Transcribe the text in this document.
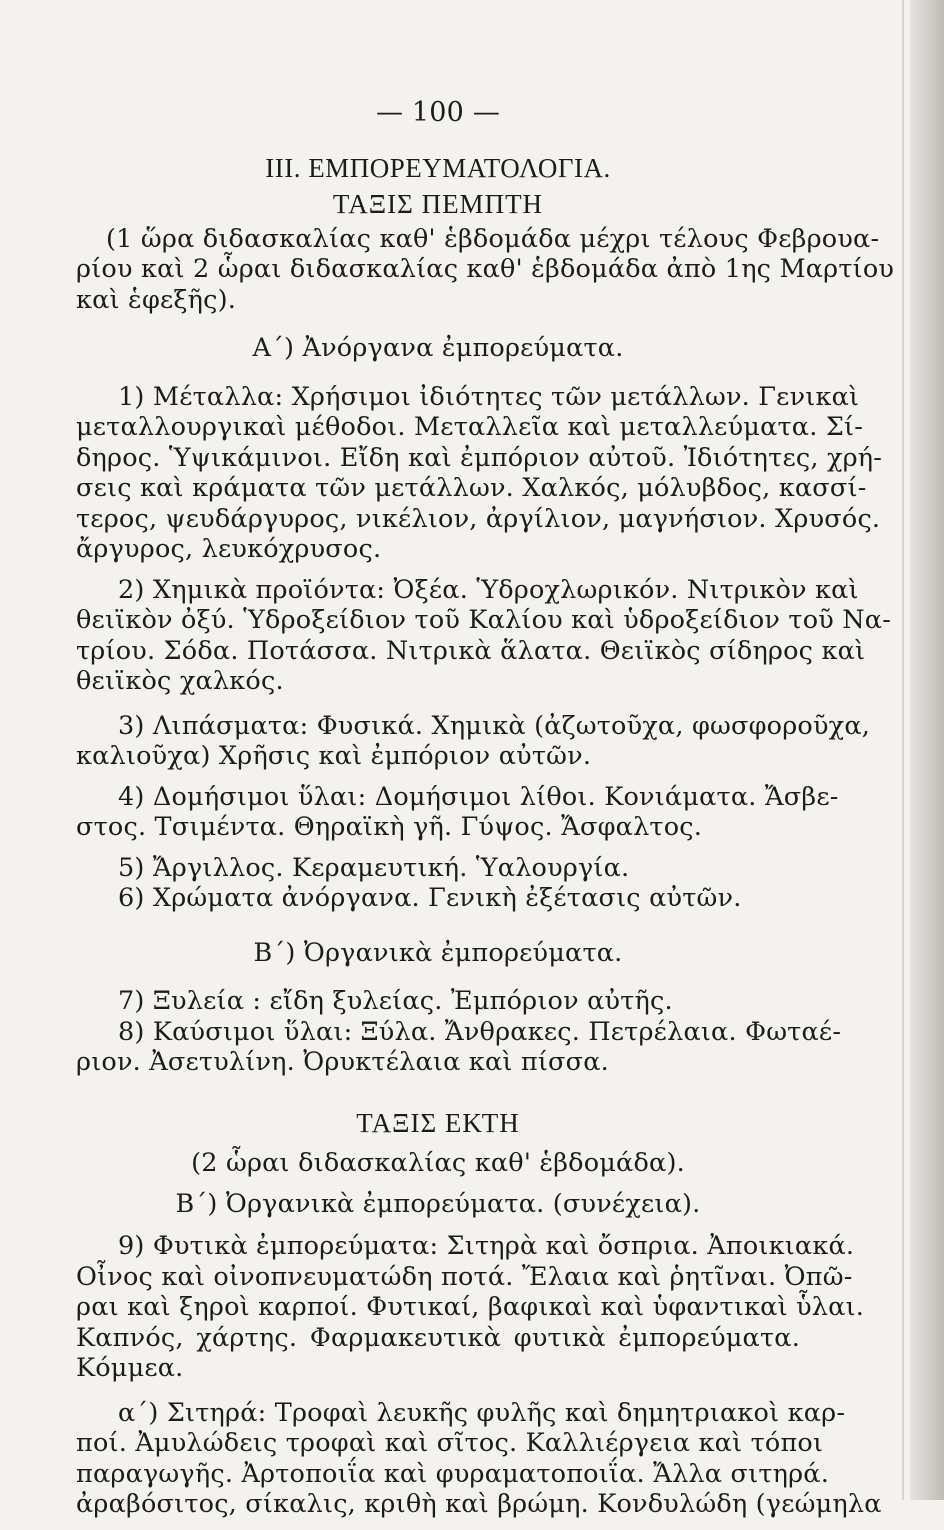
— 100 —
III. ΕΜΠΟΡΕΥΜΑΤΟΛΟΓΙΑ.
ΤΑΞΙΣ ΠΕΜΠΤΗ
(1 ὥρα διδασκαλίας καθ' ἑβδομάδα μέχρι τέλους Φεβρουα-
ρίου καὶ 2 ὧραι διδασκαλίας καθ' ἑβδομάδα ἀπὸ 1ης Μαρτίου
καὶ ἑφεξῆς).
Α΄) Ἀνόργανα ἐμπορεύματα.
1) Μέταλλα: Χρήσιμοι ἰδιότητες τῶν μετάλλων. Γενικαὶ
μεταλλουργικαὶ μέθοδοι. Μεταλλεῖα καὶ μεταλλεύματα. Σί-
δηρος. Ὑψικάμινοι. Εἴδη καὶ ἐμπόριον αὐτοῦ. Ἰδιότητες, χρή-
σεις καὶ κράματα τῶν μετάλλων. Χαλκός, μόλυβδος, κασσί-
τερος, ψευδάργυρος, νικέλιον, ἀργίλιον, μαγνήσιον. Χρυσός.
ἄργυρος, λευκόχρυσος.
2) Χημικὰ προϊόντα: Ὀξέα. Ὑδροχλωρικόν. Νιτρικὸν καὶ
θειϊκὸν ὀξύ. Ὑδροξείδιον τοῦ Καλίου καὶ ὑδροξείδιον τοῦ Να-
τρίου. Σόδα. Ποτάσσα. Νιτρικὰ ἅλατα. Θειϊκὸς σίδηρος καὶ
θειϊκὸς χαλκός.
3) Λιπάσματα: Φυσικά. Χημικὰ (ἀζωτοῦχα, φωσφοροῦχα,
καλιοῦχα) Χρῆσις καὶ ἐμπόριον αὐτῶν.
4) Δομήσιμοι ὕλαι: Δομήσιμοι λίθοι. Κονιάματα. Ἄσβε-
στος. Τσιμέντα. Θηραϊκὴ γῆ. Γύψος. Ἄσφαλτος.
5) Ἄργιλλος. Κεραμευτική. Ὑαλουργία.
6) Χρώματα ἀνόργανα. Γενικὴ ἐξέτασις αὐτῶν.
Β΄) Ὀργανικὰ ἐμπορεύματα.
7) Ξυλεία : εἴδη ξυλείας. Ἐμπόριον αὐτῆς.
8) Καύσιμοι ὕλαι: Ξύλα. Ἄνθρακες. Πετρέλαια. Φωταέ-
ριον. Ἀσετυλίνη. Ὀρυκτέλαια καὶ πίσσα.
ΤΑΞΙΣ ΕΚΤΗ
(2 ὧραι διδασκαλίας καθ' ἑβδομάδα).
Β΄) Ὀργανικὰ ἐμπορεύματα. (συνέχεια).
9) Φυτικὰ ἐμπορεύματα: Σιτηρὰ καὶ ὄσπρια. Ἀποικιακά.
Οἶνος καὶ οἰνοπνευματώδη ποτά. Ἔλαια καὶ ῥητῖναι. Ὀπῶ-
ραι καὶ ξηροὶ καρποί. Φυτικαί, βαφικαὶ καὶ ὑφαντικαὶ ὗλαι.
Καπνός, χάρτης. Φαρμακευτικὰ φυτικὰ ἐμπορεύματα.
Κόμμεα.
α΄) Σιτηρά: Τροφαὶ λευκῆς φυλῆς καὶ δημητριακοὶ καρ-
ποί. Ἀμυλώδεις τροφαὶ καὶ σῖτος. Καλλιέργεια καὶ τόποι
παραγωγῆς. Ἀρτοποιΐα καὶ φυραματοποιΐα. Ἄλλα σιτηρά.
ἀραβόσιτος, σίκαλις, κριθὴ καὶ βρώμη. Κονδυλώδη (γεώμηλα
